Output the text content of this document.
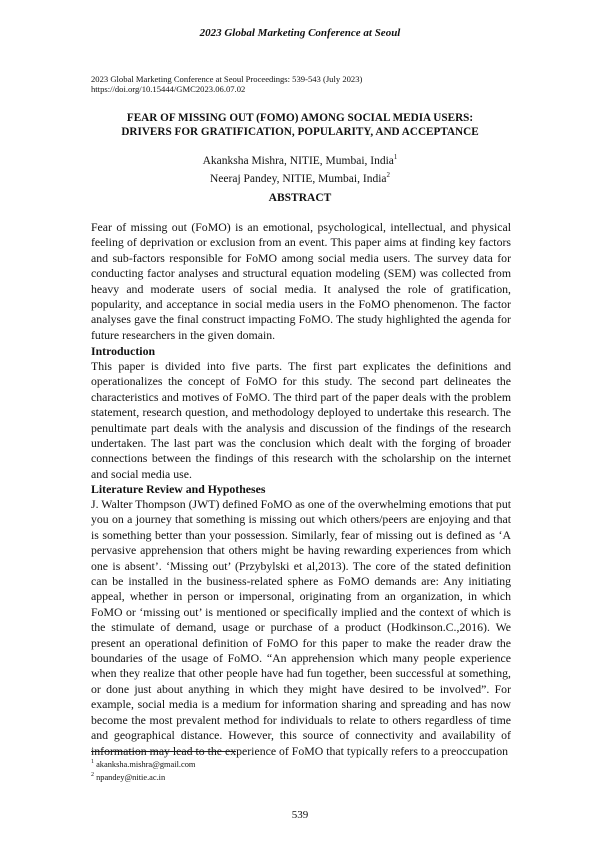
2023 Global Marketing Conference at Seoul
2023 Global Marketing Conference at Seoul Proceedings: 539-543 (July 2023)
https://doi.org/10.15444/GMC2023.06.07.02
FEAR OF MISSING OUT (FOMO) AMONG SOCIAL MEDIA USERS:
DRIVERS FOR GRATIFICATION, POPULARITY, AND ACCEPTANCE
Akanksha Mishra, NITIE, Mumbai, India$^1$
Neeraj Pandey, NITIE, Mumbai, India$^2$
ABSTRACT

Fear of missing out (FoMO) is an emotional, psychological, intellectual, and physical feeling of deprivation or exclusion from an event. This paper aims at finding key factors and sub-factors responsible for FoMO among social media users. The survey data for conducting factor analyses and structural equation modeling (SEM) was collected from heavy and moderate users of social media. It analysed the role of gratification, popularity, and acceptance in social media users in the FoMO phenomenon. The factor analyses gave the final construct impacting FoMO. The study highlighted the agenda for future researchers in the given domain.

Introduction

This paper is divided into five parts. The first part explicates the definitions and operationalizes the concept of FoMO for this study. The second part delineates the characteristics and motives of FoMO. The third part of the paper deals with the problem statement, research question, and methodology deployed to undertake this research. The penultimate part deals with the analysis and discussion of the findings of the research undertaken. The last part was the conclusion which dealt with the forging of broader connections between the findings of this research with the scholarship on the internet and social media use.

Literature Review and Hypotheses

J. Walter Thompson (JWT) defined FoMO as one of the overwhelming emotions that put you on a journey that something is missing out which others/peers are enjoying and that is something better than your possession. Similarly, fear of missing out is defined as ‘A pervasive apprehension that others might be having rewarding experiences from which one is absent’. ‘Missing out’ (Przybylski et al,2013). The core of the stated definition can be installed in the business-related sphere as FoMO demands are: Any initiating appeal, whether in person or impersonal, originating from an organization, in which FoMO or ‘missing out’ is mentioned or specifically implied and the context of which is the stimulate of demand, usage or purchase of a product (Hodkinson.C.,2016). We present an operational definition of FoMO for this paper to make the reader draw the boundaries of the usage of FoMO. “An apprehension which many people experience when they realize that other people have had fun together, been successful at something, or done just about anything in which they might have desired to be involved”. For example, social media is a medium for information sharing and spreading and has now become the most prevalent method for individuals to relate to others regardless of time and geographical distance. However, this source of connectivity and availability of information may lead to the experience of FoMO that typically refers to a preoccupation

$^1$ akanksha.mishra@gmail.com
$^2$ npandey@nitie.ac.in
539
